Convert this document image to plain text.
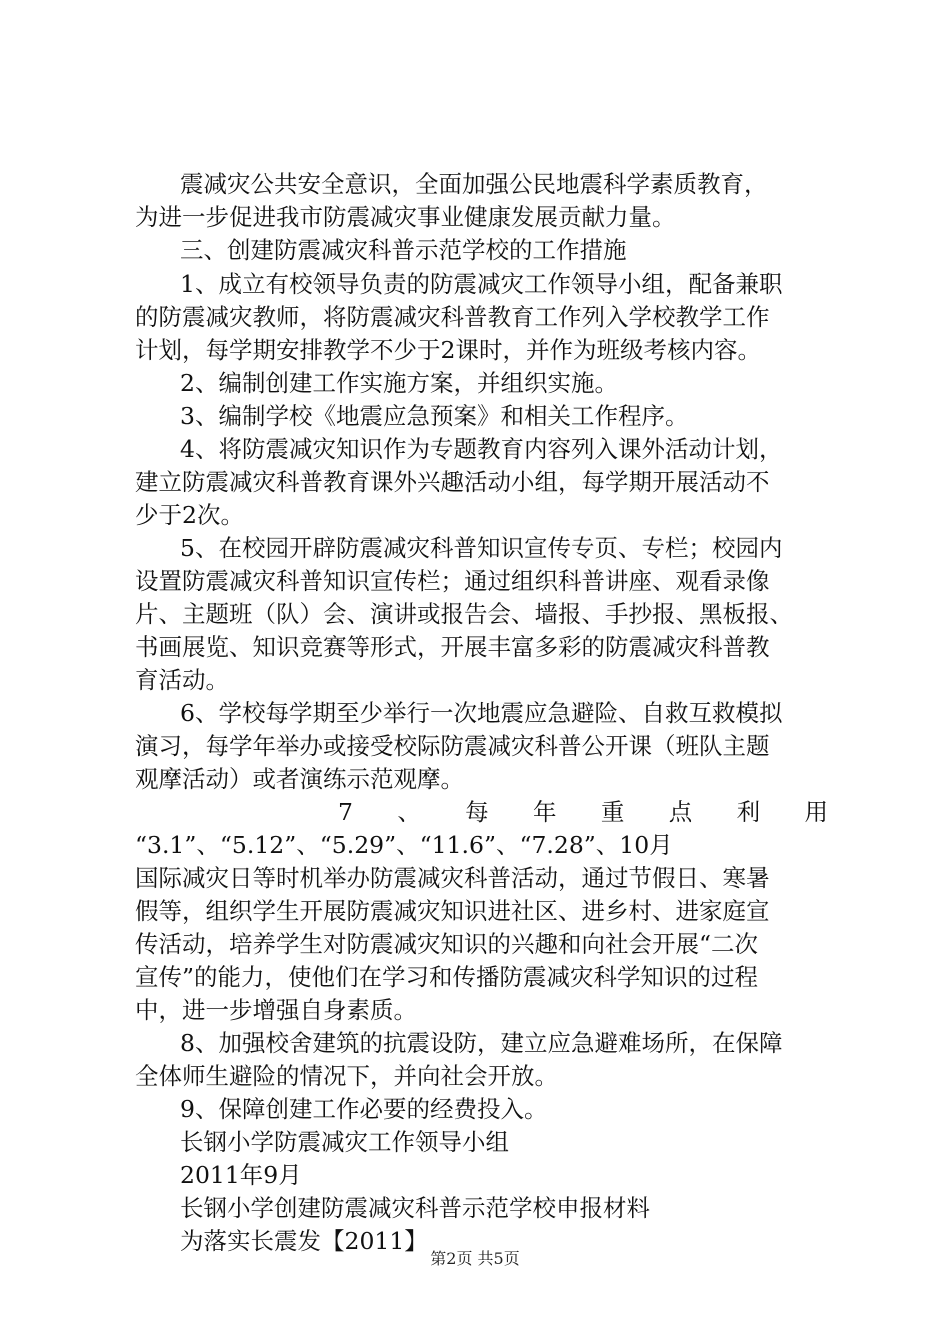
震减灾公共安全意识，全面加强公民地震科学素质教育，
为进一步促进我市防震减灾事业健康发展贡献力量。
三、创建防震减灾科普示范学校的工作措施
1、成立有校领导负责的防震减灾工作领导小组，配备兼职
的防震减灾教师，将防震减灾科普教育工作列入学校教学工作
计划，每学期安排教学不少于2课时，并作为班级考核内容。
2、编制创建工作实施方案，并组织实施。
3、编制学校《地震应急预案》和相关工作程序。
4、将防震减灾知识作为专题教育内容列入课外活动计划，
建立防震减灾科普教育课外兴趣活动小组，每学期开展活动不
少于2次。
5、在校园开辟防震减灾科普知识宣传专页、专栏；校园内
设置防震减灾科普知识宣传栏；通过组织科普讲座、观看录像
片、主题班（队）会、演讲或报告会、墙报、手抄报、黑板报、
书画展览、知识竞赛等形式，开展丰富多彩的防震减灾科普教
育活动。
6、学校每学期至少举行一次地震应急避险、自救互救模拟
演习，每学年举办或接受校际防震减灾科普公开课（班队主题
观摩活动）或者演练示范观摩。
7 、 每 年 重 点 利 用
“3.1”、“5.12”、“5.29”、“11.6”、“7.28”、10月
国际减灾日等时机举办防震减灾科普活动，通过节假日、寒暑
假等，组织学生开展防震减灾知识进社区、进乡村、进家庭宣
传活动，培养学生对防震减灾知识的兴趣和向社会开展“二次
宣传”的能力，使他们在学习和传播防震减灾科学知识的过程
中，进一步增强自身素质。
8、加强校舍建筑的抗震设防，建立应急避难场所，在保障
全体师生避险的情况下，并向社会开放。
9、保障创建工作必要的经费投入。
长钢小学防震减灾工作领导小组
2011年9月
长钢小学创建防震减灾科普示范学校申报材料
为落实长震发【2011】
第2页 共5页
